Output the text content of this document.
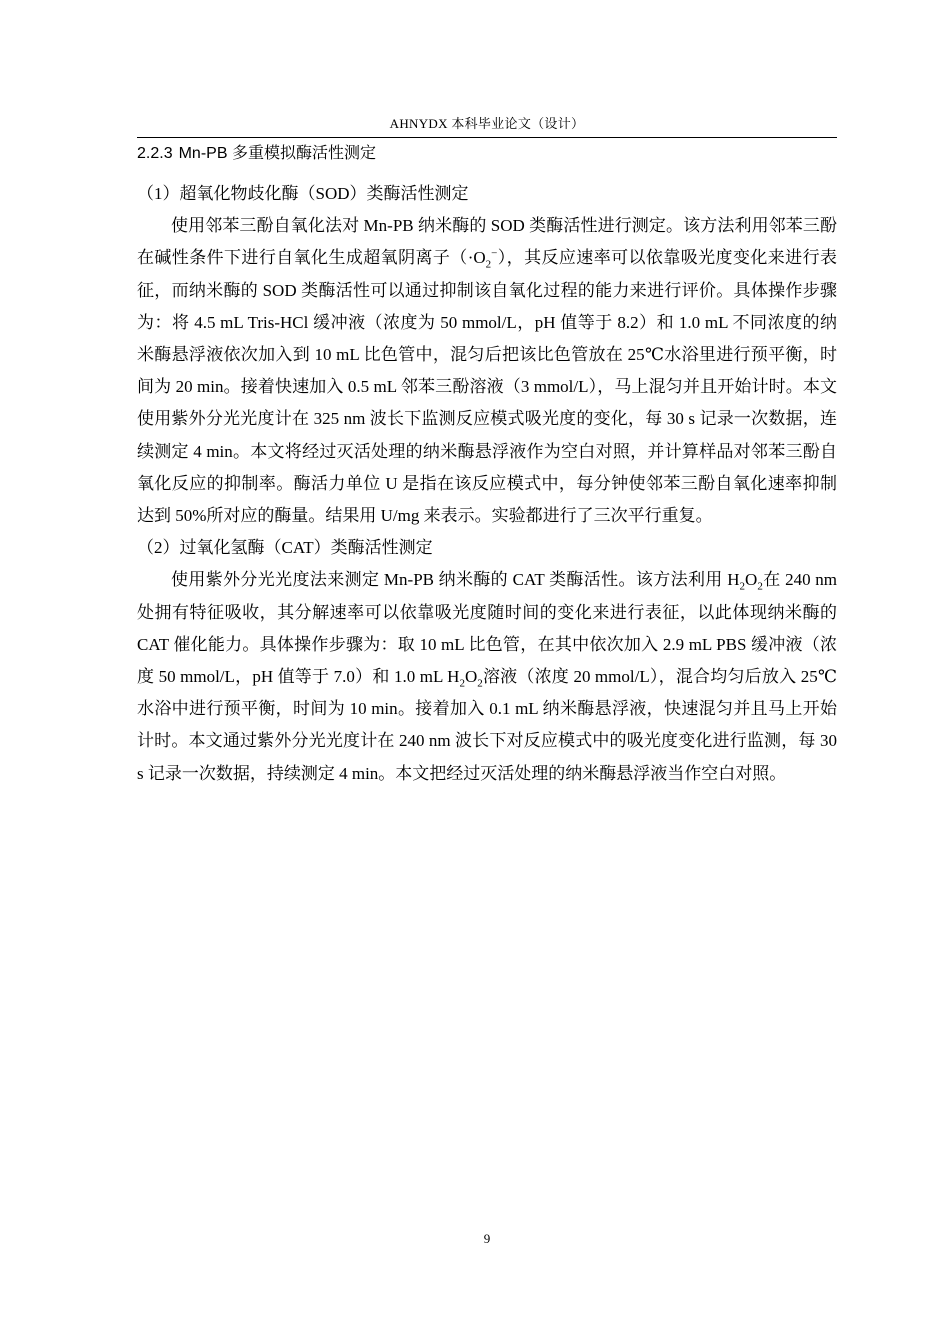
AHNYDX 本科毕业论文（设计）
2.2.3 Mn-PB 多重模拟酶活性测定

（1）超氧化物歧化酶（SOD）类酶活性测定

使用邻苯三酚自氧化法对 Mn-PB 纳米酶的 SOD 类酶活性进行测定。该方法利用邻苯三酚在碱性条件下进行自氧化生成超氧阴离子$(\cdot O_2^-)$，其反应速率可以依靠吸光度变化来进行表征，而纳米酶的 SOD 类酶活性可以通过抑制该自氧化过程的能力来进行评价。具体操作步骤为：将 4.5 mL Tris-HCl 缓冲液（浓度为 50 mmol/L，pH 值等于 8.2）和 1.0 mL 不同浓度的纳米酶悬浮液依次加入到 10 mL 比色管中，混匀后把该比色管放在 25℃水浴里进行预平衡，时间为 20 min。接着快速加入 0.5 mL 邻苯三酚溶液（3 mmol/L），马上混匀并且开始计时。本文使用紫外分光光度计在 325 nm 波长下监测反应模式吸光度的变化，每 30 s 记录一次数据，连续测定 4 min。本文将经过灭活处理的纳米酶悬浮液作为空白对照，并计算样品对邻苯三酚自氧化反应的抑制率。酶活力单位 U 是指在该反应模式中，每分钟使邻苯三酚自氧化速率抑制达到 50%所对应的酶量。结果用 U/mg 来表示。实验都进行了三次平行重复。

（2）过氧化氢酶（CAT）类酶活性测定

使用紫外分光光度法来测定 Mn-PB 纳米酶的 CAT 类酶活性。该方法利用 $H_2O_2$在 240 nm 处拥有特征吸收，其分解速率可以依靠吸光度随时间的变化来进行表征，以此体现纳米酶的 CAT 催化能力。具体操作步骤为：取 10 mL 比色管，在其中依次加入 2.9 mL PBS 缓冲液（浓度 50 mmol/L，pH 值等于 7.0）和 1.0 mL $H_2O_2$溶液（浓度 20 mmol/L），混合均匀后放入 25℃水浴中进行预平衡，时间为 10 min。接着加入 0.1 mL 纳米酶悬浮液，快速混匀并且马上开始计时。本文通过紫外分光光度计在 240 nm 波长下对反应模式中的吸光度变化进行监测，每 30 s 记录一次数据，持续测定 4 min。本文把经过灭活处理的纳米酶悬浮液当作空白对照。

9
